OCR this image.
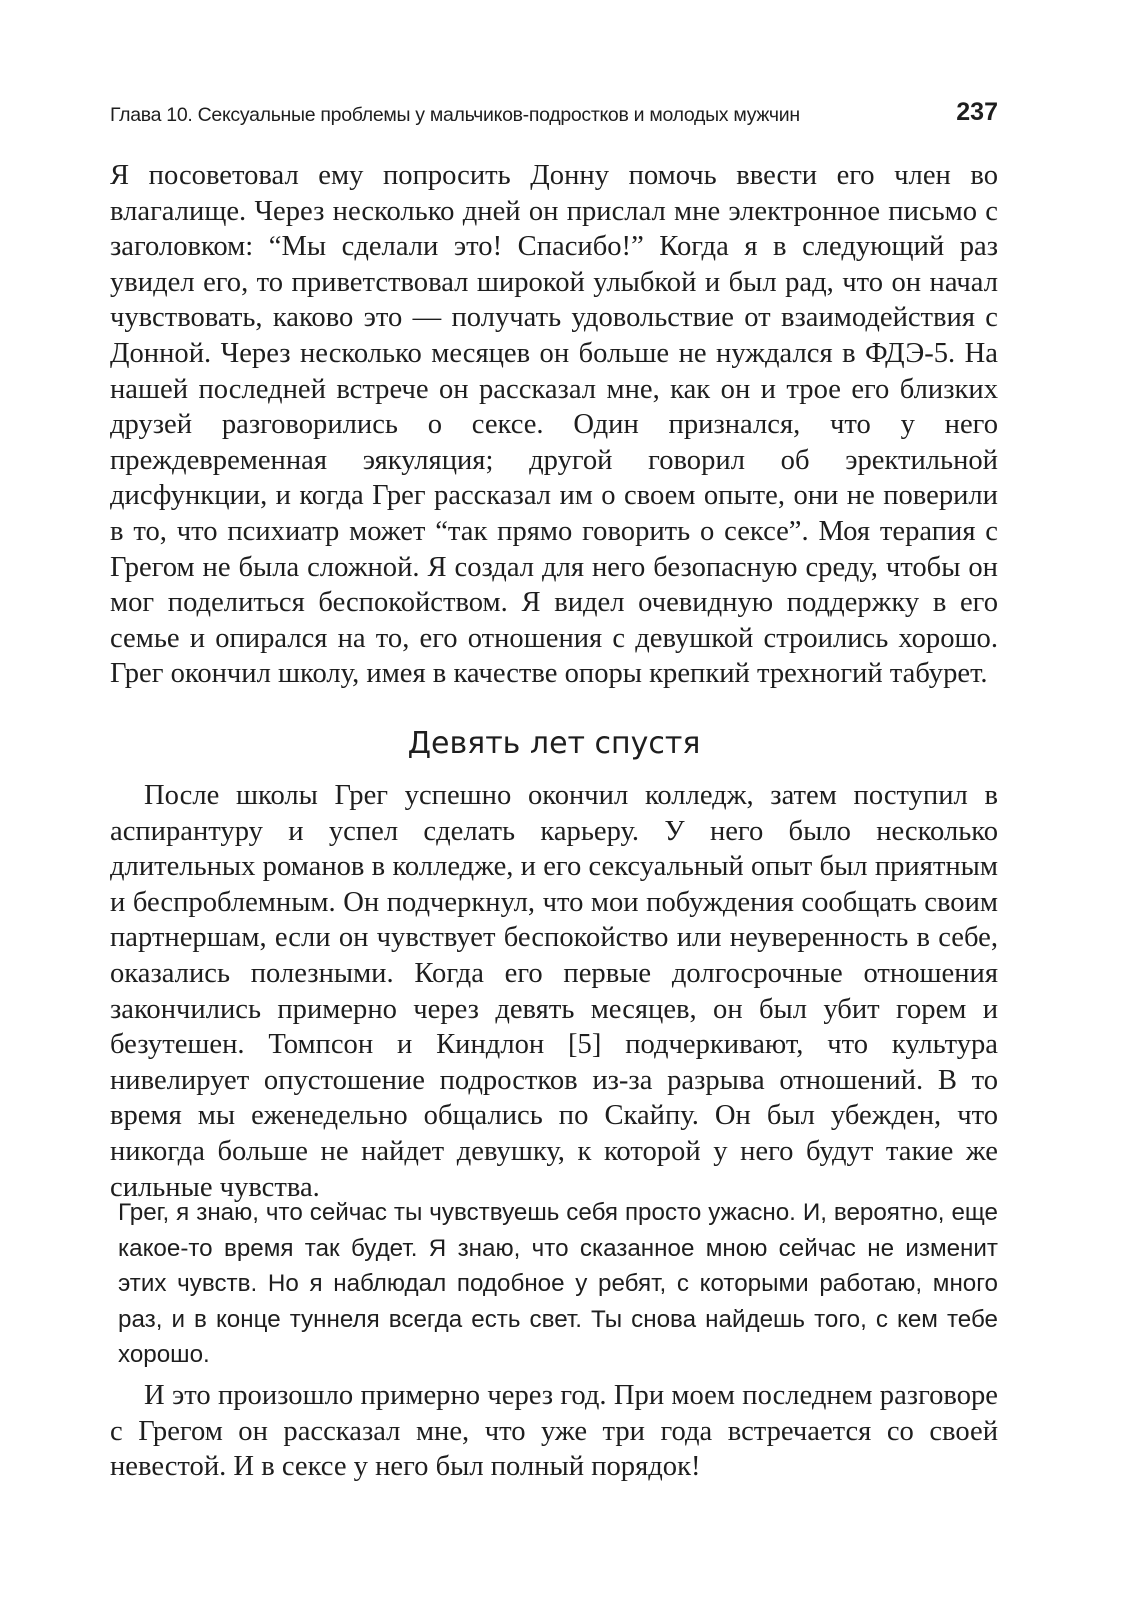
Глава 10. Сексуальные проблемы у мальчиков-подростков и молодых мужчин	237

Я посоветовал ему попросить Донну помочь ввести его член во влагалище. Через несколько дней он прислал мне электронное письмо с заголовком: “Мы сделали это! Спасибо!” Когда я в следующий раз увидел его, то приветствовал широкой улыбкой и был рад, что он начал чувствовать, каково это — получать удовольствие от взаимодействия с Донной. Через несколько месяцев он больше не нуждался в ФДЭ-5. На нашей последней встрече он рассказал мне, как он и трое его близких друзей разговорились о сексе. Один признался, что у него преждевременная эякуляция; другой говорил об эректильной дисфункции, и когда Грег рассказал им о своем опыте, они не поверили в то, что психиатр может “так прямо говорить о сексе”. Моя терапия с Грегом не была сложной. Я создал для него безопасную среду, чтобы он мог поделиться беспокойством. Я видел очевидную поддержку в его семье и опирался на то, его отношения с девушкой строились хорошо. Грег окончил школу, имея в качестве опоры крепкий трехногий табурет.

Девять лет спустя

После школы Грег успешно окончил колледж, затем поступил в аспирантуру и успел сделать карьеру. У него было несколько длительных романов в колледже, и его сексуальный опыт был приятным и беспроблемным. Он подчеркнул, что мои побуждения сообщать своим партнершам, если он чувствует беспокойство или неуверенность в себе, оказались полезными. Когда его первые долгосрочные отношения закончились примерно через девять месяцев, он был убит горем и безутешен. Томпсон и Киндлон [5] подчеркивают, что культура нивелирует опустошение подростков из-за разрыва отношений. В то время мы еженедельно общались по Скайпу. Он был убежден, что никогда больше не найдет девушку, к которой у него будут такие же сильные чувства.

Грег, я знаю, что сейчас ты чувствуешь себя просто ужасно. И, вероятно, еще какое-то время так будет. Я знаю, что сказанное мною сейчас не изменит этих чувств. Но я наблюдал подобное у ребят, с которыми работаю, много раз, и в конце туннеля всегда есть свет. Ты снова найдешь того, с кем тебе хорошо.

И это произошло примерно через год. При моем последнем разговоре с Грегом он рассказал мне, что уже три года встречается со своей невестой. И в сексе у него был полный порядок!
